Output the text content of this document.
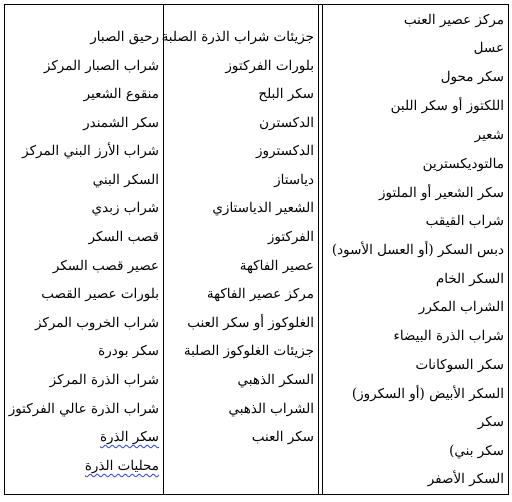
مركز عصير العنب
عسل
سكر محول
اللكتوز أو سكر اللبن
شعير
مالتوديكسترين
سكر الشعير أو الملتوز
شراب القيقب
دبس السكر (أو العسل الأسود)
السكر الخام
الشراب المكرر
شراب الذرة البيضاء
سكر السوكانات
السكر الأبيض (أو السكروز)
سكر
سكر بني)
السكر الأصفر
جزيئات شراب الذرة الصلبة
بلورات الفركتوز
سكر البلح
الدكسترن
الدكستروز
دياستاز
الشعير الدياستازي
الفركتوز
عصير الفاكهة
مركز عصير الفاكهة
الغلوكوز أو سكر العنب
جزيئات الغلوكوز الصلبة
السكر الذهبي
الشراب الذهبي
سكر العنب
رحيق الصبار
شراب الصبار المركز
منقوع الشعير
سكر الشمندر
شراب الأرز البني المركز
السكر البني
شراب زبدي
قصب السكر
عصير قصب السكر
بلورات عصير القصب
شراب الخروب المركز
سكر بودرة
شراب الذرة المركز
شراب الذرة عالي الفركتوز
سكر الذرة
محليات الذرة
